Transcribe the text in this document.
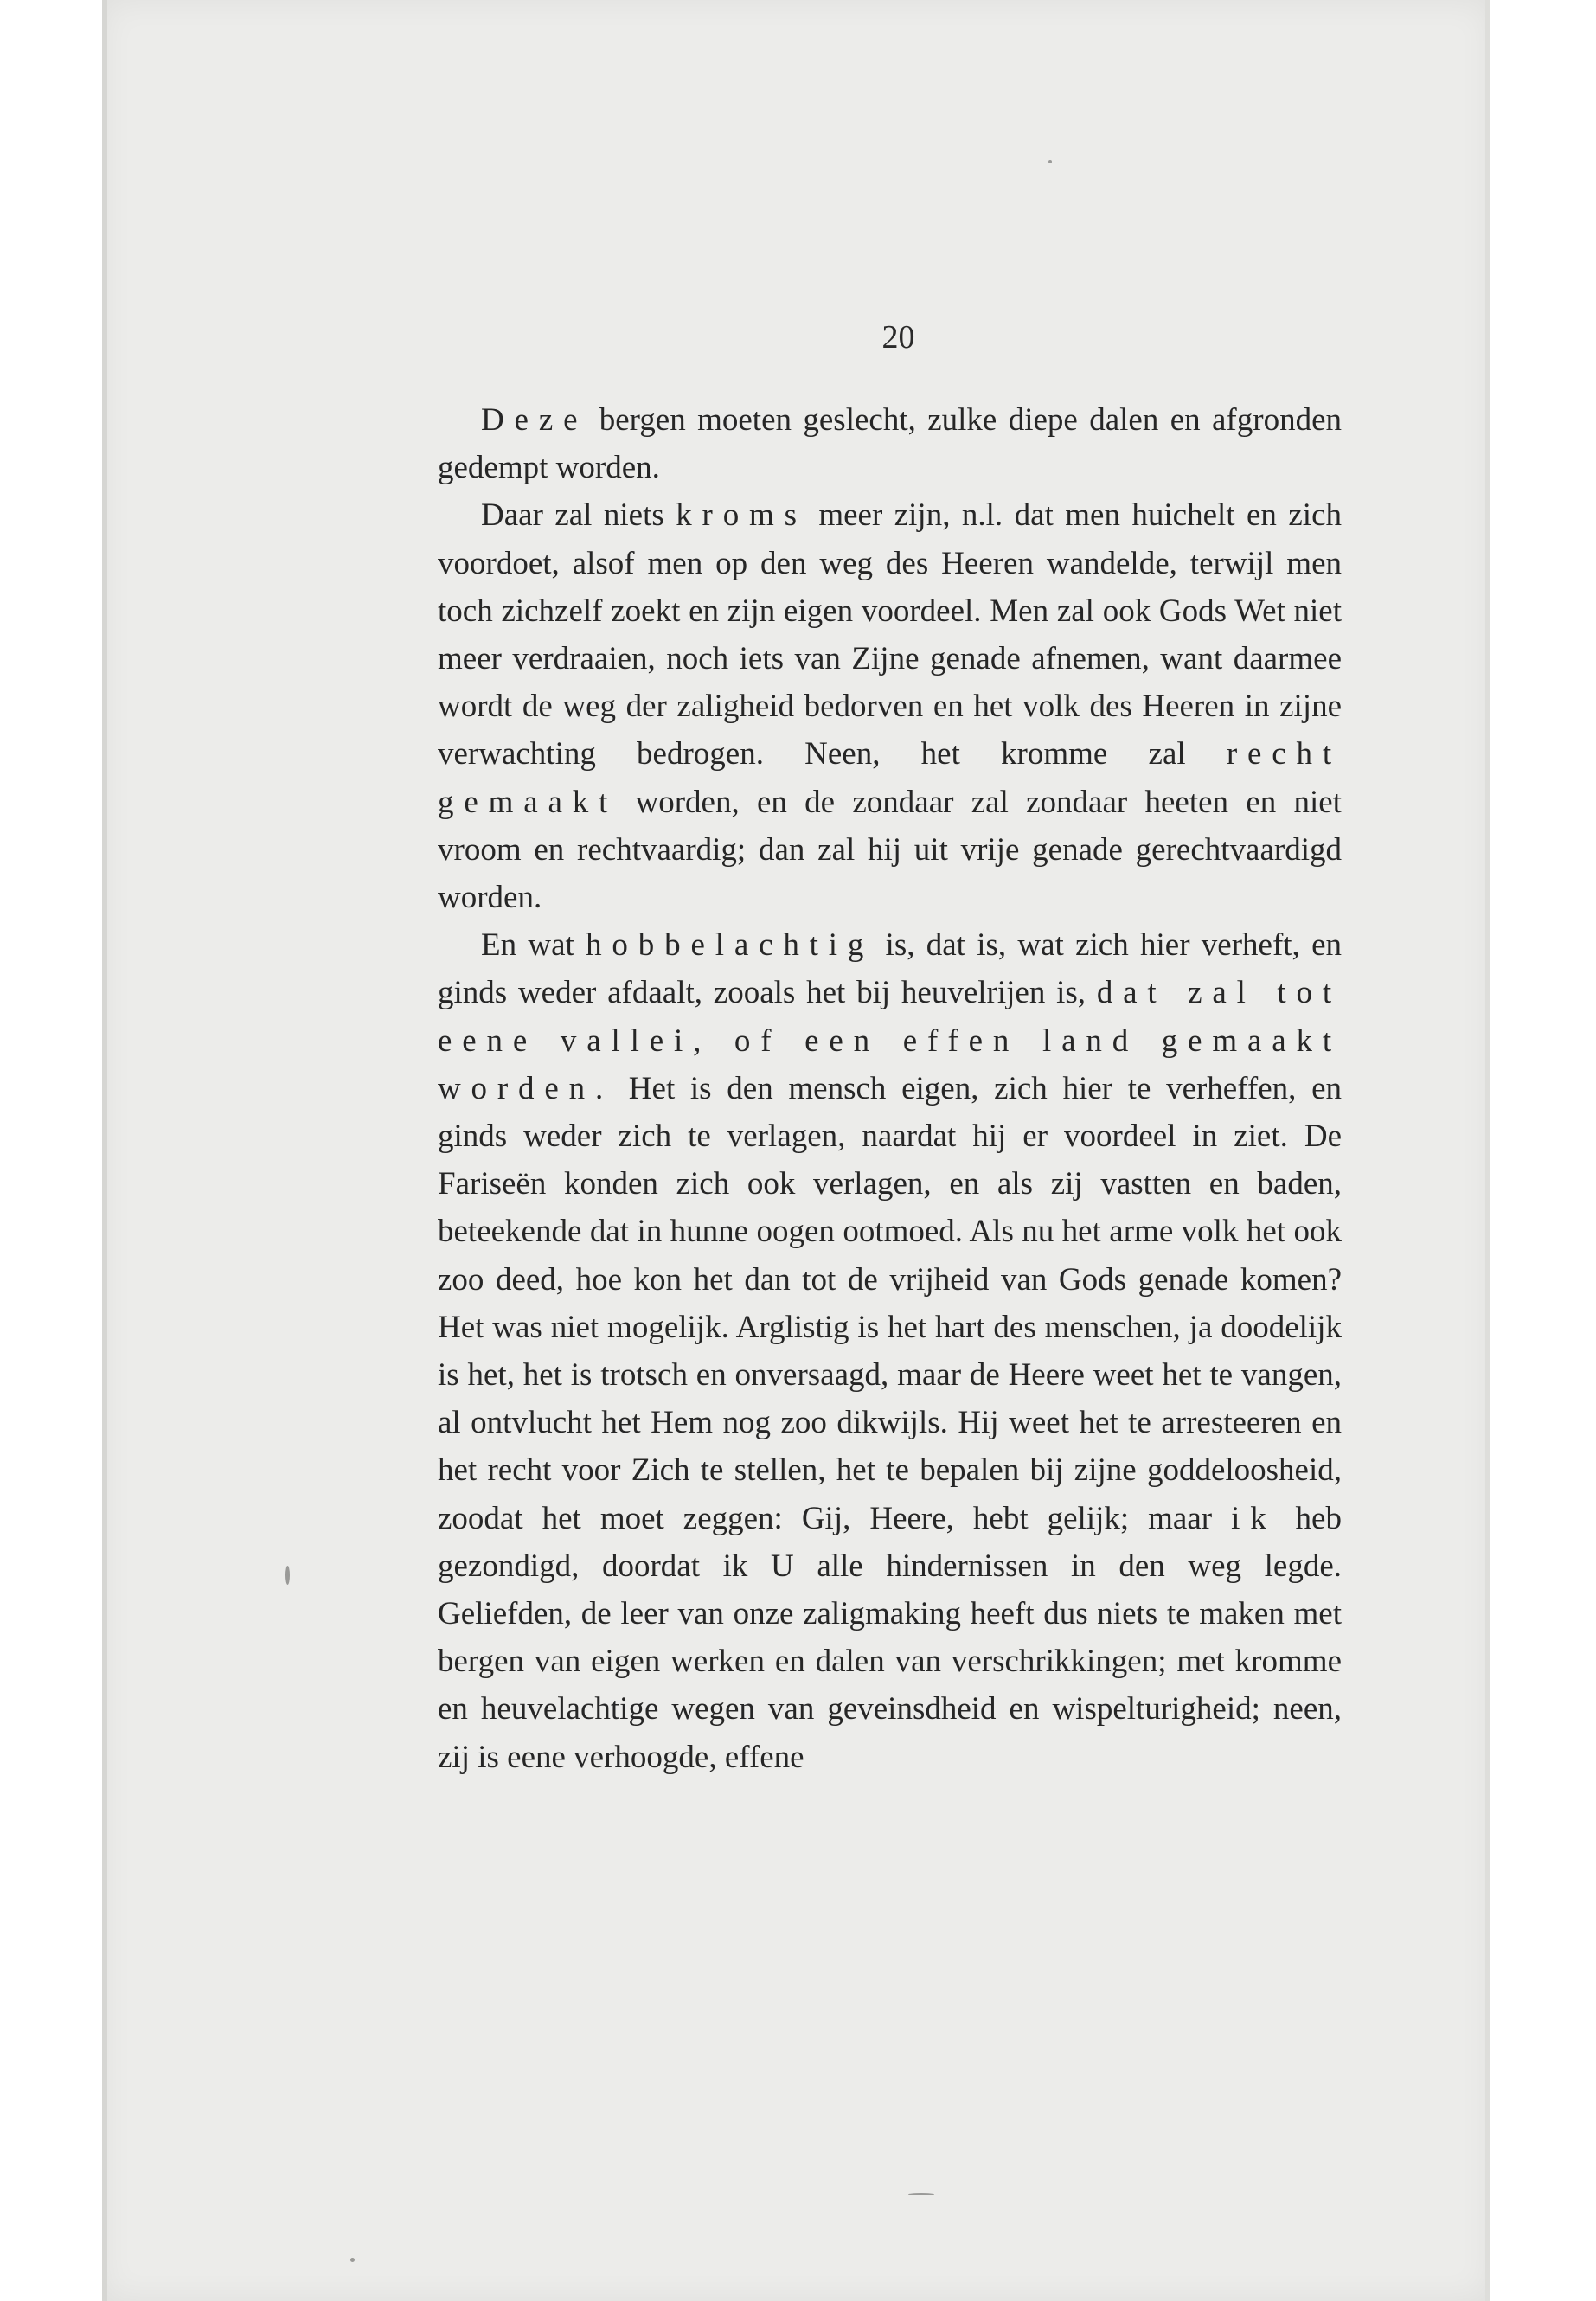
20

Deze bergen moeten geslecht, zulke diepe dalen en afgronden gedempt worden.

Daar zal niets kroms meer zijn, n.l. dat men huichelt en zich voordoet, alsof men op den weg des Heeren wandelde, terwijl men toch zichzelf zoekt en zijn eigen voordeel. Men zal ook Gods Wet niet meer verdraaien, noch iets van Zijne genade afnemen, want daarmee wordt de weg der zaligheid bedorven en het volk des Heeren in zijne verwachting bedrogen. Neen, het kromme zal recht gemaakt worden, en de zondaar zal zondaar heeten en niet vroom en rechtvaardig; dan zal hij uit vrije genade gerechtvaardigd worden.

En wat hobbelachtig is, dat is, wat zich hier verheft, en ginds weder afdaalt, zooals het bij heuvelrijen is, dat zal tot eene vallei, of een effen land gemaakt worden. Het is den mensch eigen, zich hier te verheffen, en ginds weder zich te verlagen, naardat hij er voordeel in ziet. De Fariseën konden zich ook verlagen, en als zij vastten en baden, beteekende dat in hunne oogen ootmoed. Als nu het arme volk het ook zoo deed, hoe kon het dan tot de vrijheid van Gods genade komen? Het was niet mogelijk. Arglistig is het hart des menschen, ja doodelijk is het, het is trotsch en onversaagd, maar de Heere weet het te vangen, al ontvlucht het Hem nog zoo dikwijls. Hij weet het te arresteeren en het recht voor Zich te stellen, het te bepalen bij zijne goddeloosheid, zoodat het moet zeggen: Gij, Heere, hebt gelijk; maar ik heb gezondigd, doordat ik U alle hindernissen in den weg legde. Geliefden, de leer van onze zaligmaking heeft dus niets te maken met bergen van eigen werken en dalen van verschrikkingen; met kromme en heuvelachtige wegen van geveinsdheid en wispelturigheid; neen, zij is eene verhoogde, effene
